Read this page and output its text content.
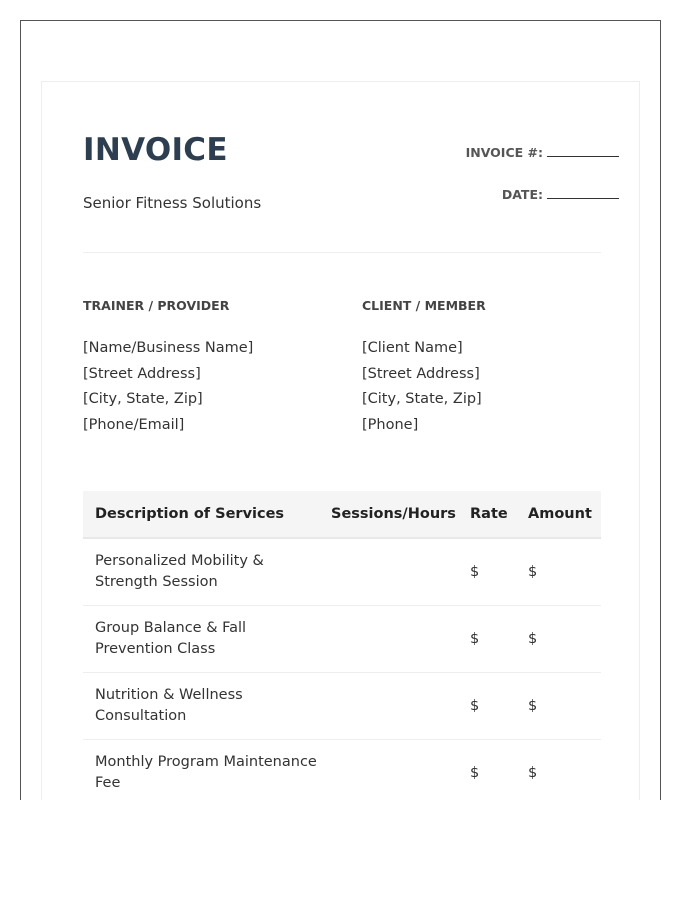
INVOICE
Senior Fitness Solutions
INVOICE #:
DATE:
TRAINER / PROVIDER
[Name/Business Name]
[Street Address]
[City, State, Zip]
[Phone/Email]
CLIENT / MEMBER
[Client Name]
[Street Address]
[City, State, Zip]
[Phone]
Description of Services	Sessions/Hours	Rate	Amount
Personalized Mobility & Strength Session		$	$
Group Balance & Fall Prevention Class		$	$
Nutrition & Wellness Consultation		$	$
Monthly Program Maintenance Fee		$	$
